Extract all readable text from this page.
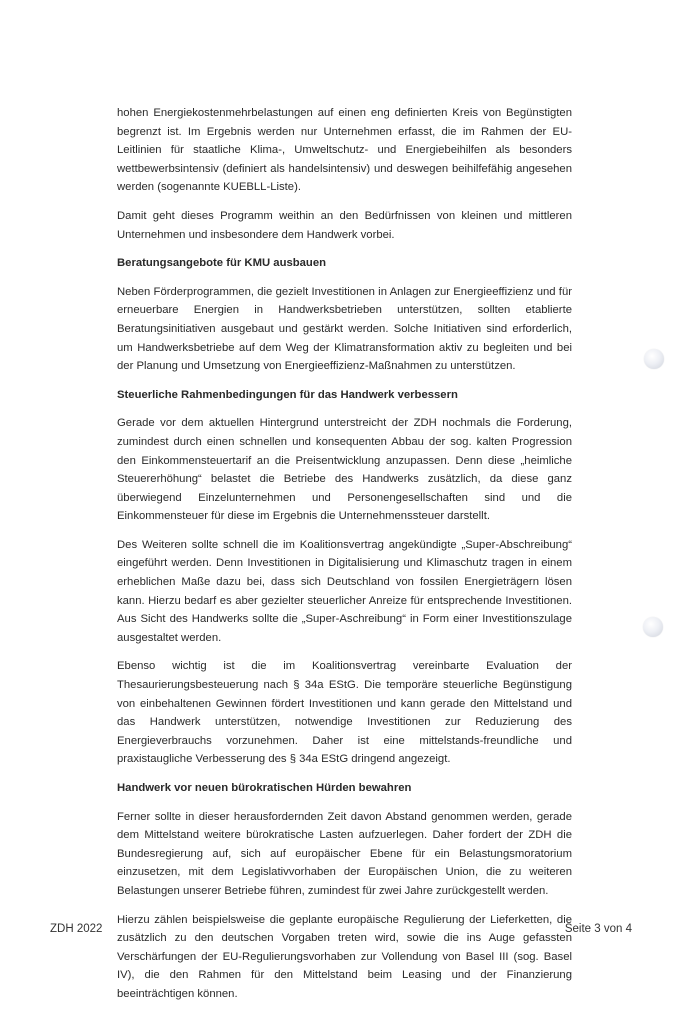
hohen Energiekostenmehrbelastungen auf einen eng definierten Kreis von Begünstigten begrenzt ist. Im Ergebnis werden nur Unternehmen erfasst, die im Rahmen der EU-Leitlinien für staatliche Klima-, Umweltschutz- und Energiebeihilfen als besonders wettbewerbsintensiv (definiert als handelsintensiv) und deswegen beihilfefähig angesehen werden (sogenannte KUEBLL-Liste).

Damit geht dieses Programm weithin an den Bedürfnissen von kleinen und mittleren Unternehmen und insbesondere dem Handwerk vorbei.

Beratungsangebote für KMU ausbauen

Neben Förderprogrammen, die gezielt Investitionen in Anlagen zur Energieeffizienz und für erneuerbare Energien in Handwerksbetrieben unterstützen, sollten etablierte Beratungsinitiativen ausgebaut und gestärkt werden. Solche Initiativen sind erforderlich, um Handwerksbetriebe auf dem Weg der Klimatransformation aktiv zu begleiten und bei der Planung und Umsetzung von Energieeffizienz-Maßnahmen zu unterstützen.

Steuerliche Rahmenbedingungen für das Handwerk verbessern

Gerade vor dem aktuellen Hintergrund unterstreicht der ZDH nochmals die Forderung, zumindest durch einen schnellen und konsequenten Abbau der sog. kalten Progression den Einkommensteuertarif an die Preisentwicklung anzupassen. Denn diese „heimliche Steuererhöhung“ belastet die Betriebe des Handwerks zusätzlich, da diese ganz überwiegend Einzelunternehmen und Personengesellschaften sind und die Einkommensteuer für diese im Ergebnis die Unternehmenssteuer darstellt.

Des Weiteren sollte schnell die im Koalitionsvertrag angekündigte „Super-Abschreibung“ eingeführt werden. Denn Investitionen in Digitalisierung und Klimaschutz tragen in einem erheblichen Maße dazu bei, dass sich Deutschland von fossilen Energieträgern lösen kann. Hierzu bedarf es aber gezielter steuerlicher Anreize für entsprechende Investitionen. Aus Sicht des Handwerks sollte die „Super-Aschreibung“ in Form einer Investitionszulage ausgestaltet werden.

Ebenso wichtig ist die im Koalitionsvertrag vereinbarte Evaluation der Thesaurierungsbesteuerung nach § 34a EStG. Die temporäre steuerliche Begünstigung von einbehaltenen Gewinnen fördert Investitionen und kann gerade den Mittelstand und das Handwerk unterstützen, notwendige Investitionen zur Reduzierung des Energieverbrauchs vorzunehmen. Daher ist eine mittelstands-freundliche und praxistaugliche Verbesserung des § 34a EStG dringend angezeigt.

Handwerk vor neuen bürokratischen Hürden bewahren

Ferner sollte in dieser herausfordernden Zeit davon Abstand genommen werden, gerade dem Mittelstand weitere bürokratische Lasten aufzuerlegen. Daher fordert der ZDH die Bundesregierung auf, sich auf europäischer Ebene für ein Belastungsmoratorium einzusetzen, mit dem Legislativvorhaben der Europäischen Union, die zu weiteren Belastungen unserer Betriebe führen, zumindest für zwei Jahre zurückgestellt werden.

Hierzu zählen beispielsweise die geplante europäische Regulierung der Lieferketten, die zusätzlich zu den deutschen Vorgaben treten wird, sowie die ins Auge gefassten Verschärfungen der EU-Regulierungsvorhaben zur Vollendung von Basel III (sog. Basel IV), die den Rahmen für den Mittelstand beim Leasing und der Finanzierung beeinträchtigen können.

ZDH 2022	Seite 3 von 4
